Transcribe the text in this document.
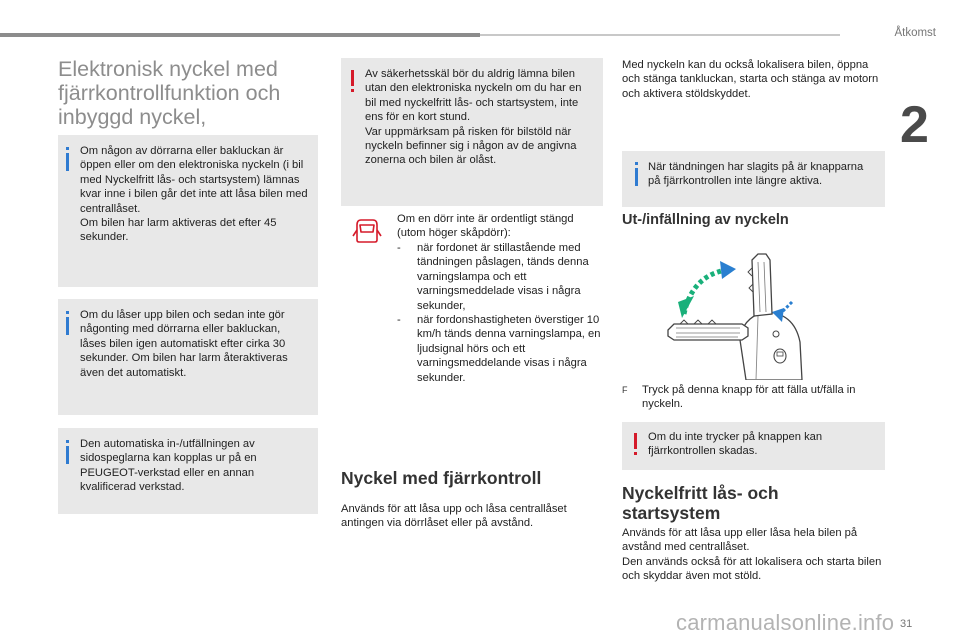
Åtkomst
2
Elektronisk nyckel med fjärrkontrollfunktion och inbyggd nyckel,
Om någon av dörrarna eller bakluckan är öppen eller om den elektroniska nyckeln (i bil med Nyckelfritt lås- och startsystem) lämnas kvar inne i bilen går det inte att låsa bilen med centrallåset.
Om bilen har larm aktiveras det efter 45 sekunder.
Om du låser upp bilen och sedan inte gör någonting med dörrarna eller bakluckan, låses bilen igen automatiskt efter cirka 30 sekunder. Om bilen har larm återaktiveras även det automatiskt.
Den automatiska in-/utfällningen av sidospeglarna kan kopplas ur på en PEUGEOT-verkstad eller en annan kvalificerad verkstad.
Av säkerhetsskäl bör du aldrig lämna bilen utan den elektroniska nyckeln om du har en bil med nyckelfritt lås- och startsystem, inte ens för en kort stund.
Var uppmärksam på risken för bilstöld när nyckeln befinner sig i någon av de angivna zonerna och bilen är olåst.
Om en dörr inte är ordentligt stängd (utom höger skåpdörr):
- när fordonet är stillastående med tändningen påslagen, tänds denna varningslampa och ett varningsmeddelade visas i några sekunder,
- när fordonshastigheten överstiger 10 km/h tänds denna varningslampa, en ljudsignal hörs och ett varningsmeddelande visas i några sekunder.
Nyckel med fjärrkontroll
Används för att låsa upp och låsa centrallåset antingen via dörrlåset eller på avstånd.
Med nyckeln kan du också lokalisera bilen, öppna och stänga tankluckan, starta och stänga av motorn och aktivera stöldskyddet.
När tändningen har slagits på är knapparna på fjärrkontrollen inte längre aktiva.
Ut-/infällning av nyckeln
F Tryck på denna knapp för att fälla ut/fälla in nyckeln.
Om du inte trycker på knappen kan fjärrkontrollen skadas.
Nyckelfritt lås- och startsystem
Används för att låsa upp eller låsa hela bilen på avstånd med centrallåset.
Den används också för att lokalisera och starta bilen och skyddar även mot stöld.
carmanualsonline.info 31
